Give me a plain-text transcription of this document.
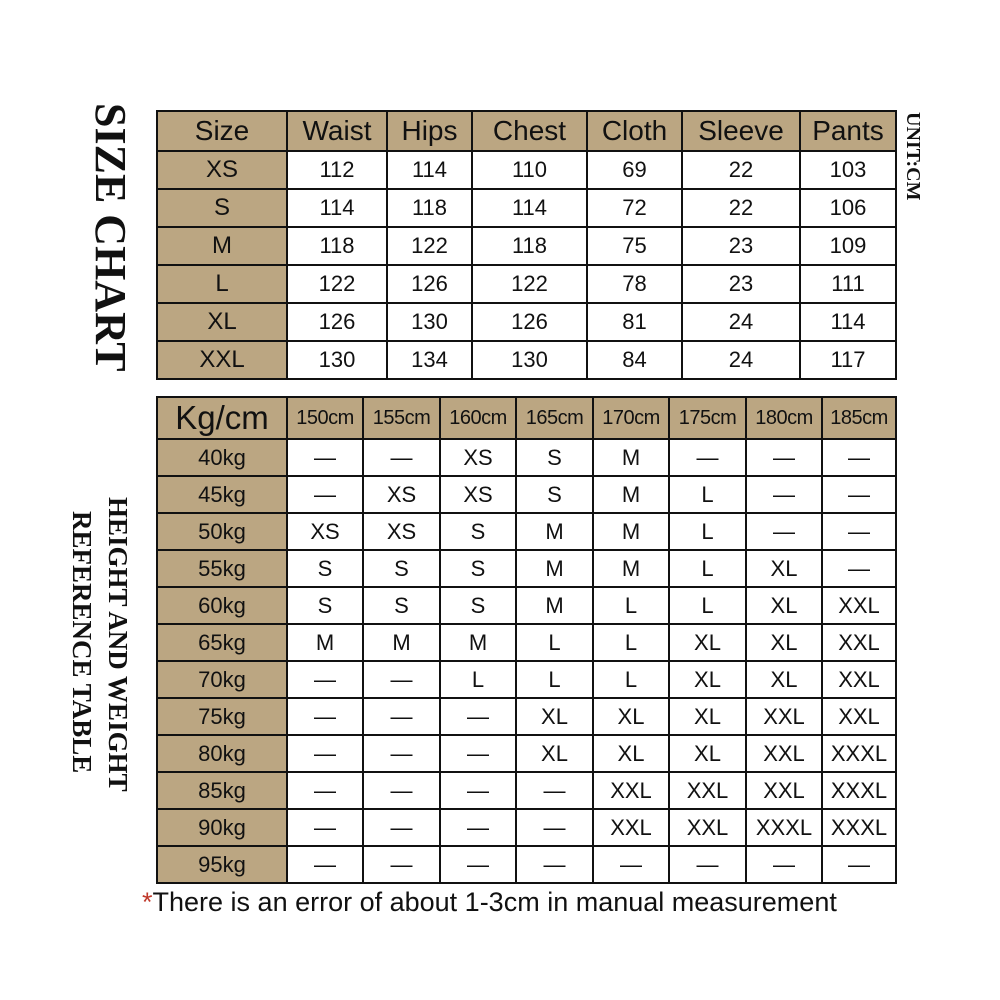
SIZE CHART	UNIT:CM
HEIGHT AND WEIGHT
REFERENCE TABLE
Size	Waist	Hips	Chest	Cloth	Sleeve	Pants
XS	112	114	110	69	22	103
S	114	118	114	72	22	106
M	118	122	118	75	23	109
L	122	126	122	78	23	111
XL	126	130	126	81	24	114
XXL	130	134	130	84	24	117
Kg/cm	150cm	155cm	160cm	165cm	170cm	175cm	180cm	185cm
40kg	—	—	XS	S	M	—	—	—
45kg	—	XS	XS	S	M	L	—	—
50kg	XS	XS	S	M	M	L	—	—
55kg	S	S	S	M	M	L	XL	—
60kg	S	S	S	M	L	L	XL	XXL
65kg	M	M	M	L	L	XL	XL	XXL
70kg	—	—	L	L	L	XL	XL	XXL
75kg	—	—	—	XL	XL	XL	XXL	XXL
80kg	—	—	—	XL	XL	XL	XXL	XXXL
85kg	—	—	—	—	XXL	XXL	XXL	XXXL
90kg	—	—	—	—	XXL	XXL	XXXL	XXXL
95kg	—	—	—	—	—	—	—	—
*There is an error of about 1-3cm in manual measurement
